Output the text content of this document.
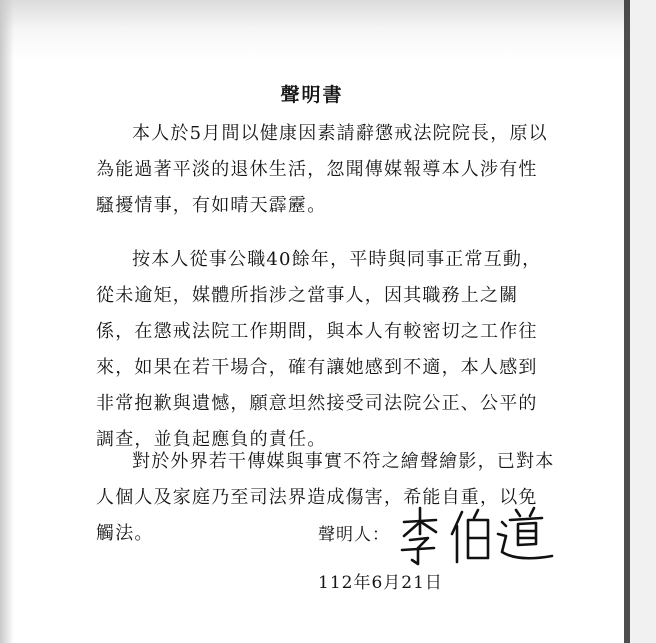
聲明書

本人於5月間以健康因素請辭懲戒法院院長，原以為能過著平淡的退休生活，忽聞傳媒報導本人涉有性騷擾情事，有如晴天霹靂。

按本人從事公職40餘年，平時與同事正常互動，從未逾矩，媒體所指涉之當事人，因其職務上之關係，在懲戒法院工作期間，與本人有較密切之工作往來，如果在若干場合，確有讓她感到不適，本人感到非常抱歉與遺憾，願意坦然接受司法院公正、公平的調查，並負起應負的責任。

對於外界若干傳媒與事實不符之繪聲繪影，已對本人個人及家庭乃至司法界造成傷害，希能自重，以免觸法。	聲明人：
112年6月21日
